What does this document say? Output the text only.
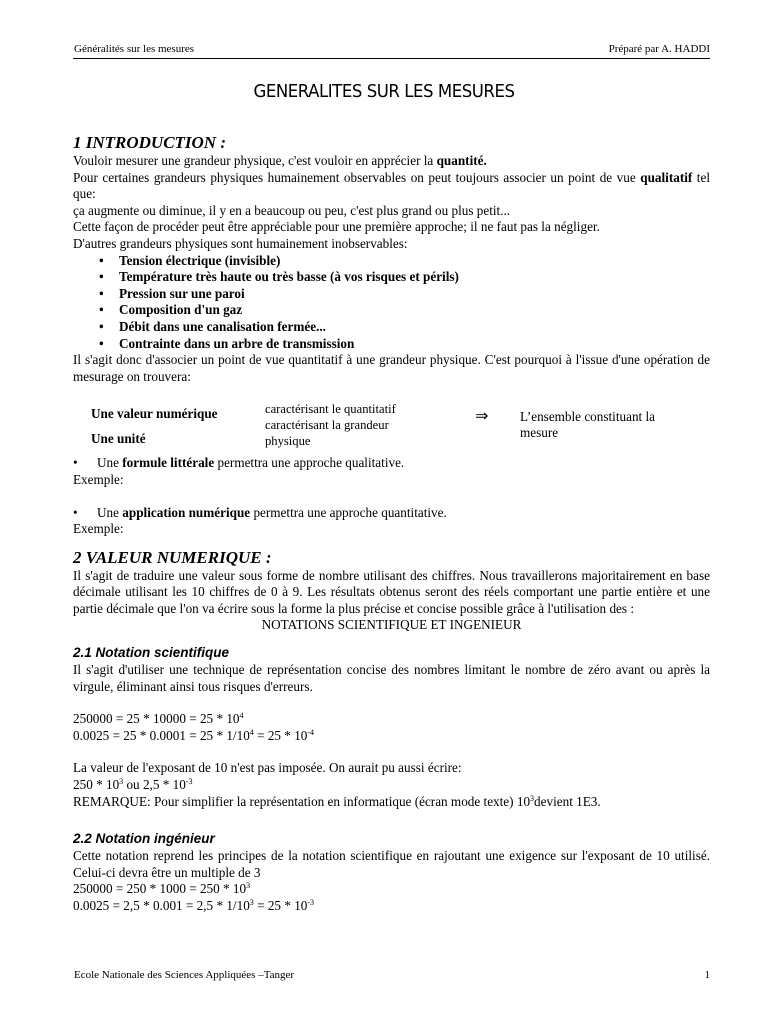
Généralités sur les mesures	Préparé par A. HADDI
GENERALITES SUR LES MESURES
1 INTRODUCTION :

Vouloir mesurer une grandeur physique, c'est vouloir en apprécier la quantité.

Pour certaines grandeurs physiques humainement observables on peut toujours associer un point de vue qualitatif tel que:

ça augmente ou diminue, il y en a beaucoup ou peu, c'est plus grand ou plus petit...

Cette façon de procéder peut être appréciable pour une première approche; il ne faut pas la négliger.

D'autres grandeurs physiques sont humainement inobservables:

• Tension électrique (invisible)
• Température très haute ou très basse (à vos risques et périls)
• Pression sur une paroi
• Composition d'un gaz
• Débit dans une canalisation fermée...
• Contrainte dans un arbre de transmission

Il s'agit donc d'associer un point de vue quantitatif à une grandeur physique. C'est pourquoi à l'issue d'une opération de mesurage on trouvera:

Une valeur numérique
Une unité
caractérisant le quantitatif caractérisant la grandeur physique
⇒ L’ensemble constituant la mesure
• Une formule littérale permettra une approche qualitative.

Exemple:

• Une application numérique permettra une approche quantitative.

Exemple:

2 VALEUR NUMERIQUE :

Il s'agit de traduire une valeur sous forme de nombre utilisant des chiffres. Nous travaillerons majoritairement en base décimale utilisant les 10 chiffres de 0 à 9. Les résultats obtenus seront des réels comportant une partie entière et une partie décimale que l'on va écrire sous la forme la plus précise et concise possible grâce à l'utilisation des :

NOTATIONS SCIENTIFIQUE ET INGENIEUR

2.1 Notation scientifique

Il s'agit d'utiliser une technique de représentation concise des nombres limitant le nombre de zéro avant ou après la virgule, éliminant ainsi tous risques d'erreurs.

$250000 = 25 * 10000 = 25 * 10^4$

$0.0025 = 25 * 0.0001 = 25 * 1/10^4 = 25 * 10^{-4}$

La valeur de l'exposant de 10 n'est pas imposée. On aurait pu aussi écrire:

$250 * 10^3$ ou $2,5 * 10^{-3}$

REMARQUE: Pour simplifier la représentation en informatique (écran mode texte) $10^3devient$ 1E3.

2.2 Notation ingénieur

Cette notation reprend les principes de la notation scientifique en rajoutant une exigence sur l'exposant de 10 utilisé. Celui-ci devra être un multiple de 3

$250000 = 250 * 1000 = 250 * 10^3$

$0.0025 = 2,5 * 0.001 = 2,5 * 1/10^3 = 25 * 10^{-3}$

Ecole Nationale des Sciences Appliquées –Tanger	1
